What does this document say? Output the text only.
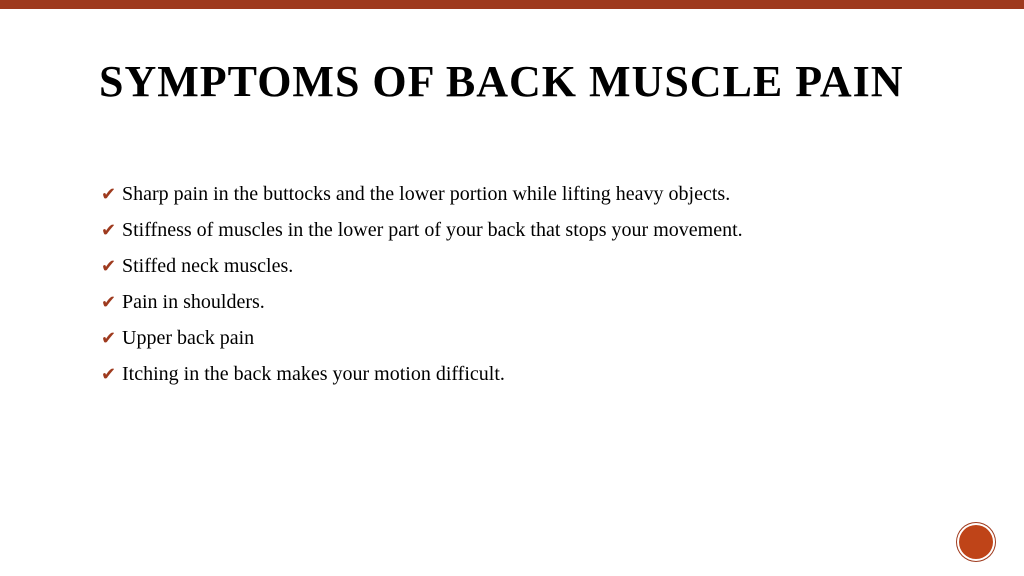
SYMPTOMS OF BACK MUSCLE PAIN
✔ Sharp pain in the buttocks and the lower portion while lifting heavy objects.
✔ Stiffness of muscles in the lower part of your back that stops your movement.
✔ Stiffed neck muscles.
✔ Pain in shoulders.
✔ Upper back pain
✔ Itching in the back makes your motion difficult.
